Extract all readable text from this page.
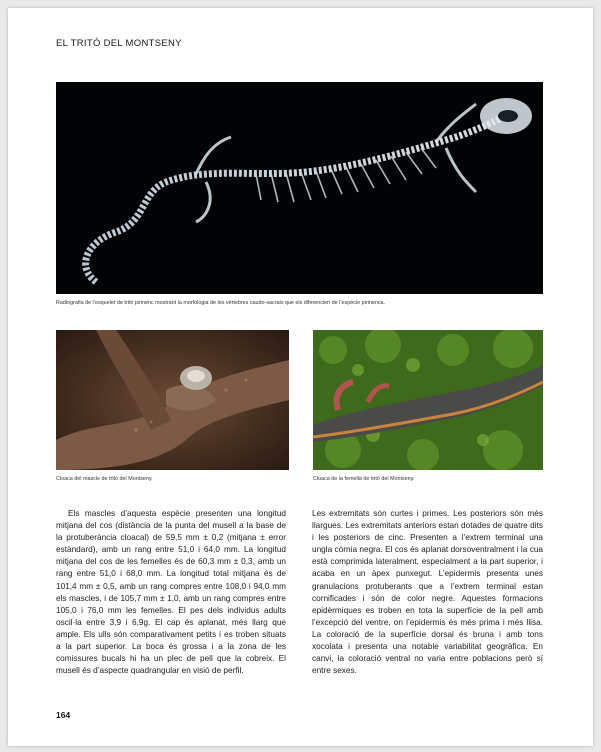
EL TRITÓ DEL MONTSENY
Radiografia de l’esquelet de tritó pirinenc mostrant la morfologia de les vèrtebres caudo-sacrals que els diferencien de l’espècie pirinenca.
Cloaca del mascle de tritó del Montseny.	Cloaca de la femella de tritó del Montseny.
Els mascles d’aquesta espècie presenten una longitud mitjana del cos (distància de la punta del musell a la base de la protuberància cloacal) de 59,5 mm ± 0,2 (mitjana ± error estàndard), amb un rang entre 51,0 i 64,0 mm. La longitud mitjana del cos de les femelles és de 60,3 mm ± 0,3, amb un rang entre 51,0 i 68,0 mm. La longitud total mitjana és de 101,4 mm ± 0,5, amb un rang compres entre 108,0 i 94,0 mm els mascles, i de 105,7 mm ± 1,0, amb un rang compres entre 105,0 i 76,0 mm les femelles. El pes dels individus adults oscil·la entre 3,9 i 6,9g. El cap és aplanat, més llarg que ample. Els ulls són comparativament petits i es troben situats a la part superior. La boca és grossa i a la zona de les comissures bucals hi ha un plec de pell que la cobreix. El musell és d’aspecte quadrangular en visió de perfil.
Les extremitats són curtes i primes. Les posteriors són més llargues. Les extremitats anteriors estan dotades de quatre dits i les posteriors de cinc. Presenten a l’extrem terminal una ungla còrnia negra. El cos és aplanat dorsoventralment i la cua està comprimida lateralment, especialment a la part superior, i acaba en un àpex punxegut. L’epidermis presenta unes granulacions protuberants que a l’extrem terminal estan cornificades i són de color negre. Aquestes formacions epidèrmiques es troben en tota la superfície de la pell amb l’excepció del ventre, on l’epidermis és més prima i més llisa. La coloració de la superfície dorsal és bruna i amb tons xocolata i presenta una notable variabilitat geogràfica. En canvi, la coloració ventral no varia entre poblacions però sí entre sexes.
164
